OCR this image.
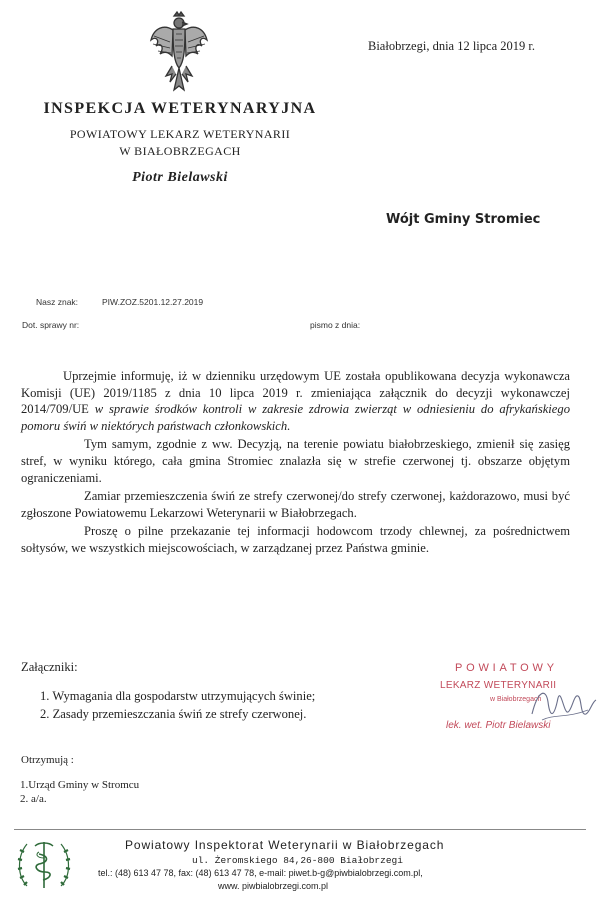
Białobrzegi, dnia 12 lipca 2019 r.
INSPEKCJA WETERYNARYJNA
POWIATOWY LEKARZ WETERYNARII
W BIAŁOBRZEGACH
Piotr Bielawski
Wójt Gminy Stromiec
Nasz znak:	PIW.ZOZ.5201.12.27.2019
Dot. sprawy nr:	pismo z dnia:

Uprzejmie informuję, iż w dzienniku urzędowym UE została opublikowana decyzja wykonawcza Komisji (UE) 2019/1185 z dnia 10 lipca 2019 r. zmieniająca załącznik do decyzji wykonawczej 2014/709/UE w sprawie środków kontroli w zakresie zdrowia zwierząt w odniesieniu do afrykańskiego pomoru świń w niektórych państwach członkowskich.

Tym samym, zgodnie z ww. Decyzją, na terenie powiatu białobrzeskiego, zmienił się zasięg stref, w wyniku którego, cała gmina Stromiec znalazła się w strefie czerwonej tj. obszarze objętym ograniczeniami.

Zamiar przemieszczenia świń ze strefy czerwonej/do strefy czerwonej, każdorazowo, musi być zgłoszone Powiatowemu Lekarzowi Weterynarii w Białobrzegach.

Proszę o pilne przekazanie tej informacji hodowcom trzody chlewnej, za pośrednictwem sołtysów, we wszystkich miejscowościach, w zarządzanej przez Państwa gminie.

Załączniki:
1. Wymagania dla gospodarstw utrzymujących świnie;
2. Zasady przemieszczania świń ze strefy czerwonej.
POWIATOWY
LEKARZ WETERYNARII
w Białobrzegach
lek. wet. Piotr Bielawski
Otrzymują :
1.Urząd Gminy w Stromcu
2. a/a.
Powiatowy Inspektorat Weterynarii w Białobrzegach
ul. Żeromskiego 84,26-800 Białobrzegi
tel.: (48) 613 47 78, fax: (48) 613 47 78, e-mail: piwet.b-g@piwbialobrzegi.com.pl,
www. piwbialobrzegi.com.pl
